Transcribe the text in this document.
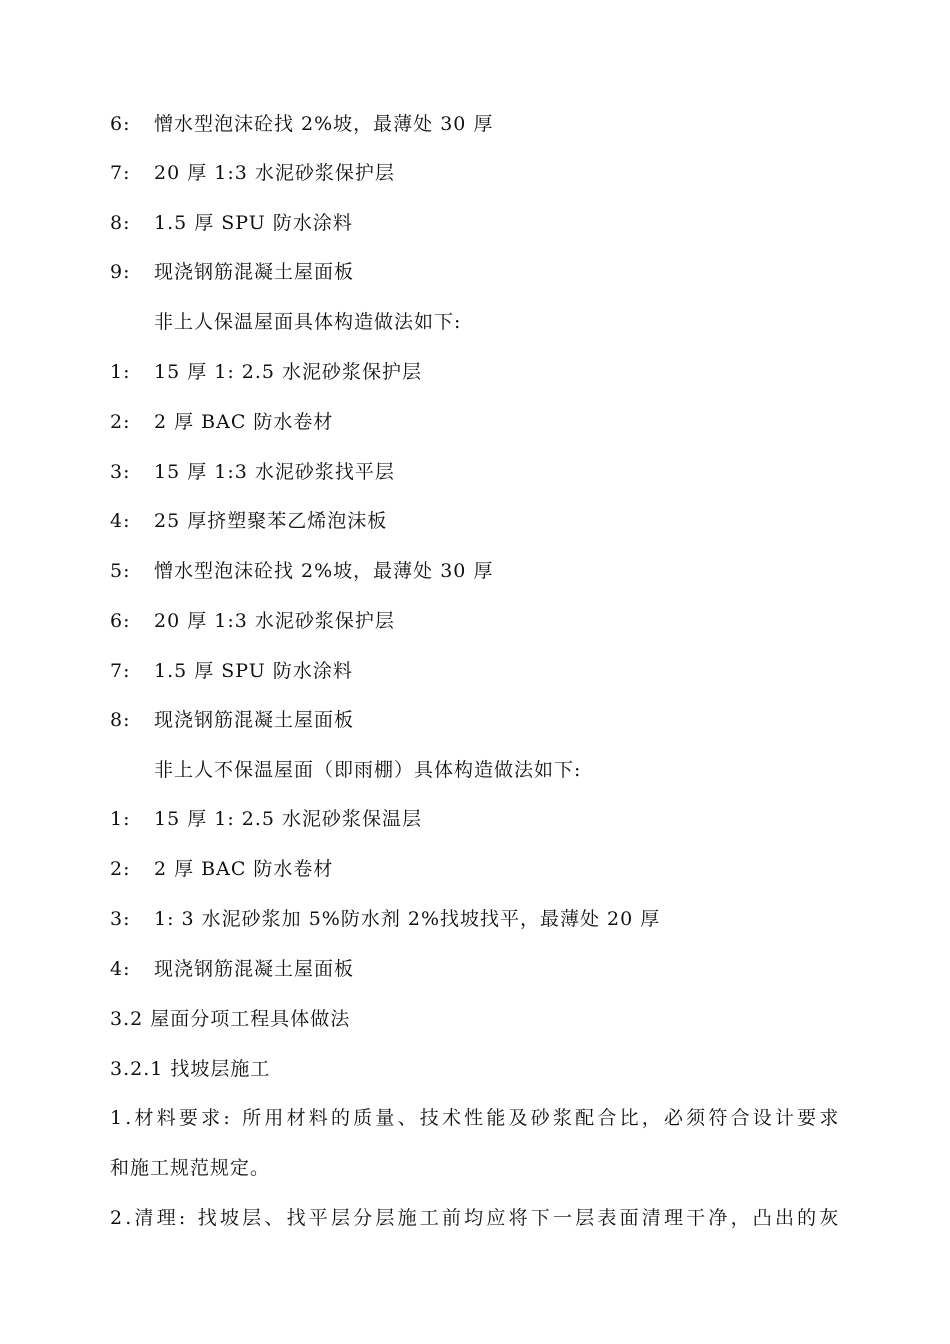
6: 憎水型泡沫砼找 2%坡，最薄处 30 厚
7: 20 厚 1:3 水泥砂浆保护层
8: 1.5 厚 SPU 防水涂料
9: 现浇钢筋混凝土屋面板
非上人保温屋面具体构造做法如下:
1: 15 厚 1: 2.5 水泥砂浆保护层
2: 2 厚 BAC 防水卷材
3: 15 厚 1:3 水泥砂浆找平层
4: 25 厚挤塑聚苯乙烯泡沫板
5: 憎水型泡沫砼找 2%坡，最薄处 30 厚
6: 20 厚 1:3 水泥砂浆保护层
7: 1.5 厚 SPU 防水涂料
8: 现浇钢筋混凝土屋面板
非上人不保温屋面（即雨棚）具体构造做法如下:
1: 15 厚 1: 2.5 水泥砂浆保温层
2: 2 厚 BAC 防水卷材
3: 1: 3 水泥砂浆加 5%防水剂 2%找坡找平，最薄处 20 厚
4: 现浇钢筋混凝土屋面板
3.2 屋面分项工程具体做法
3.2.1 找坡层施工
1.材料要求: 所用材料的质量、技术性能及砂浆配合比，必须符合设计要求
和施工规范规定。
2.清理: 找坡层、找平层分层施工前均应将下一层表面清理干净，凸出的灰
